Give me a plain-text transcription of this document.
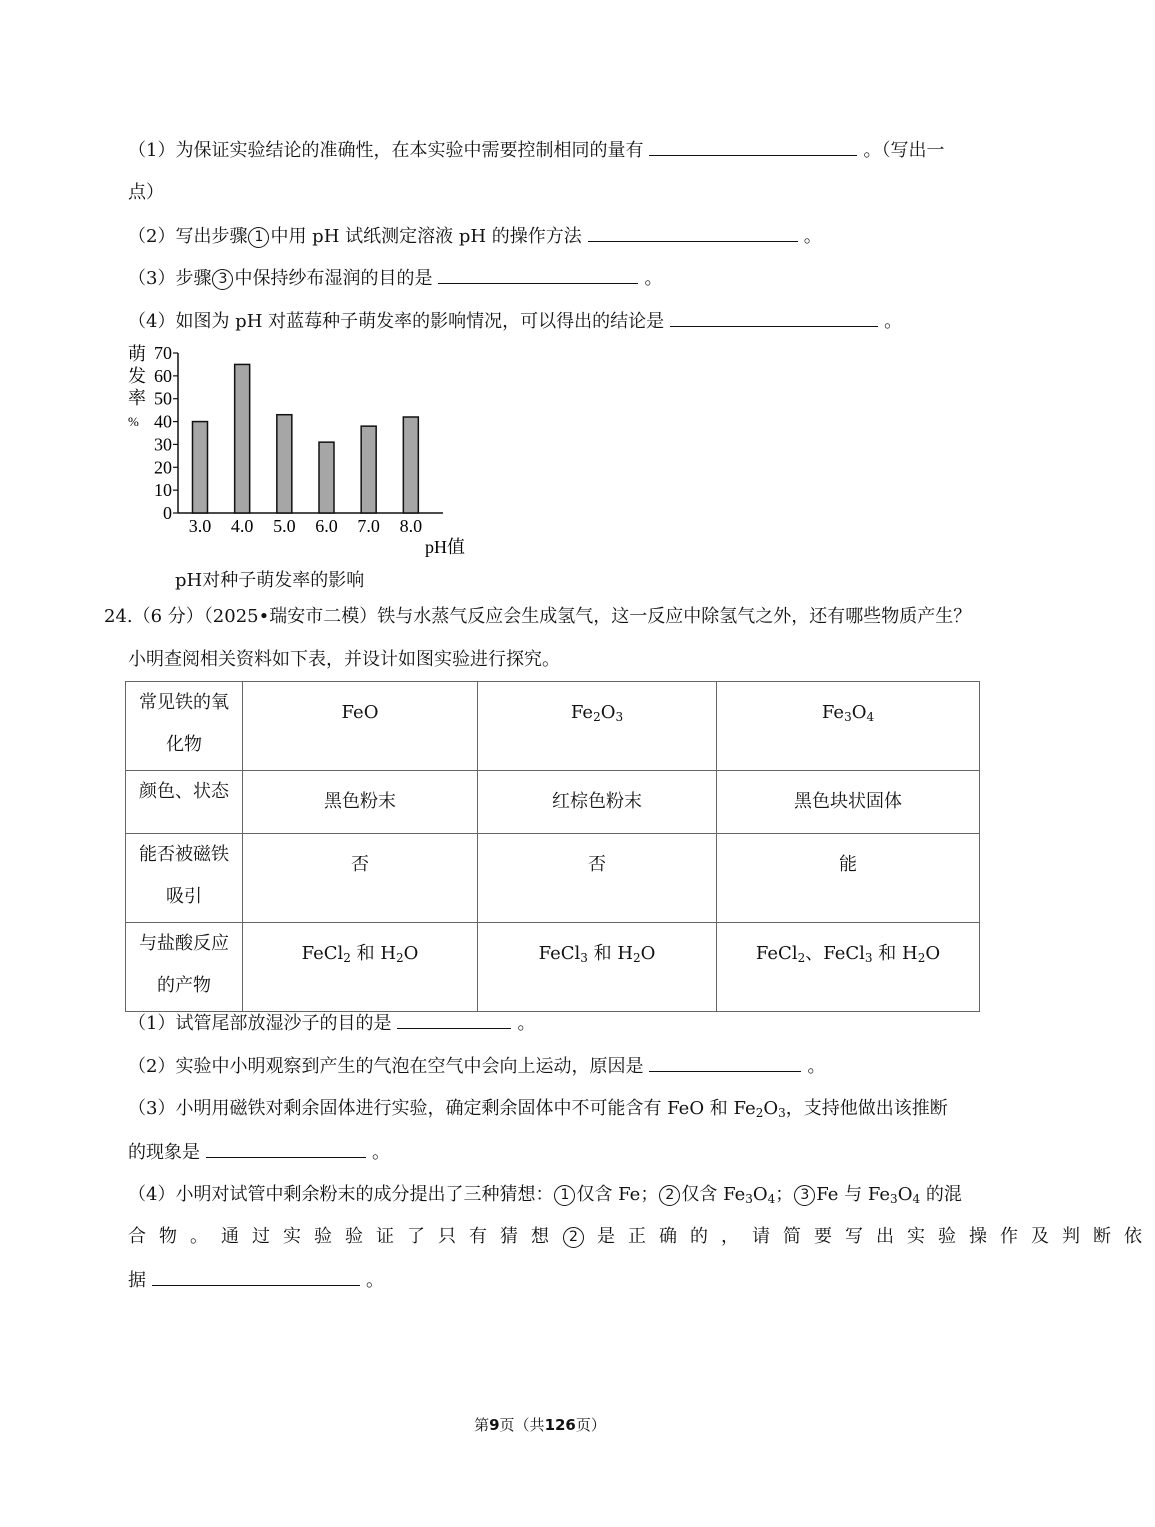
（1）为保证实验结论的准确性，在本实验中需要控制相同的量有	。（写出一
点）
（2）写出步骤 1 中用 pH 试纸测定溶液 pH 的操作方法	。
（3）步骤 3 中保持纱布湿润的目的是	。
（4）如图为 pH 对蓝莓种子萌发率的影响情况，可以得出的结论是	。
萌
发
率
%
0
10
20
30
40
50
60
70
3.0 4.0 5.0 6.0 7.0 8.0
pH值
pH对种子萌发率的影响
24.（6 分）（2025•瑞安市二模）铁与水蒸气反应会生成氢气，这一反应中除氢气之外，还有哪些物质产生？
小明查阅相关资料如下表，并设计如图实验进行探究。
常见铁的氧
化物	FeO	$Fe_2O_3$	$Fe_3O_4$
颜色、状态	黑色粉末	红棕色粉末	黑色块状固体
能否被磁铁
吸引	否	否	能
与盐酸反应
的产物	FeCl$_2$ 和 $H_2O$	FeCl$_3$ 和 $H_2O$	FeCl$_2$、FeCl$_3$ 和 $H_2O$
（1）试管尾部放湿沙子的目的是	。
（2）实验中小明观察到产生的气泡在空气中会向上运动，原因是	。
（3）小明用磁铁对剩余固体进行实验，确定剩余固体中不可能含有 FeO 和 $Fe_2O_3$，支持他做出该推断
的现象是	。
（4）小明对试管中剩余粉末的成分提出了三种猜想： 1 仅含 Fe； 2 仅含 $Fe_3O_4$； 3 Fe 与 $Fe_3O_4$ 的混
合物。通过实验验证了只有猜想 2 是正确的，请简要写出实验操作及判断依
据	。
第9页（共126页）
